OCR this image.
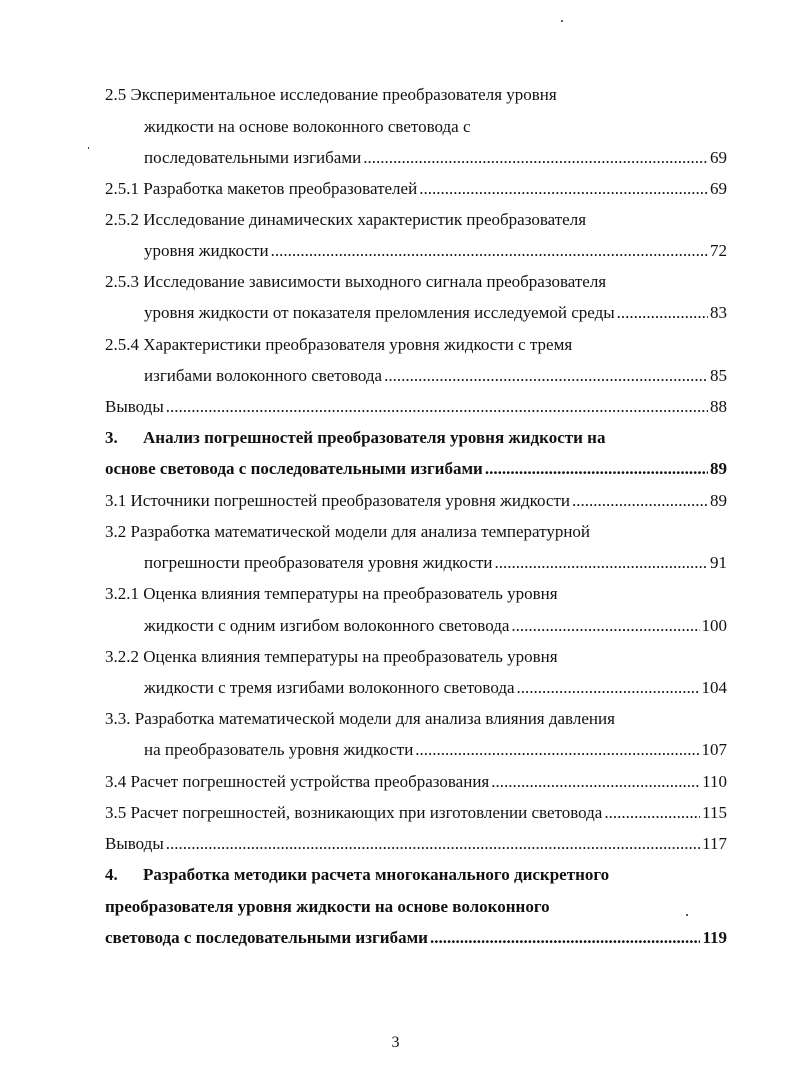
2.5 Экспериментальное исследование преобразователя уровня
жидкости на основе волоконного световода с
последовательными изгибами .....	69
2.5.1 Разработка макетов преобразователей .....	69
2.5.2 Исследование динамических характеристик преобразователя
уровня жидкости .....	72
2.5.3 Исследование зависимости выходного сигнала преобразователя
уровня жидкости от показателя преломления исследуемой среды .....	83
2.5.4 Характеристики преобразователя уровня жидкости с тремя
изгибами волоконного световода .....	85
Выводы .....	88
3.	Анализ погрешностей преобразователя уровня жидкости на
основе световода с последовательными изгибами .....	89
3.1 Источники погрешностей преобразователя уровня жидкости .....	89
3.2 Разработка математической модели для анализа температурной
погрешности преобразователя уровня жидкости .....	91
3.2.1 Оценка влияния температуры на преобразователь уровня
жидкости с одним изгибом волоконного световода .....	100
3.2.2 Оценка влияния температуры на преобразователь уровня
жидкости с тремя изгибами волоконного световода .....	104
3.3. Разработка математической модели для анализа влияния давления
на преобразователь уровня жидкости .....	107
3.4 Расчет погрешностей устройства преобразования .....	110
3.5 Расчет погрешностей, возникающих при изготовлении световода .....	115
Выводы .....	117
4.	Разработка методики расчета многоканального дискретного
преобразователя уровня жидкости на основе волоконного
световода с последовательными изгибами .....	119
3
